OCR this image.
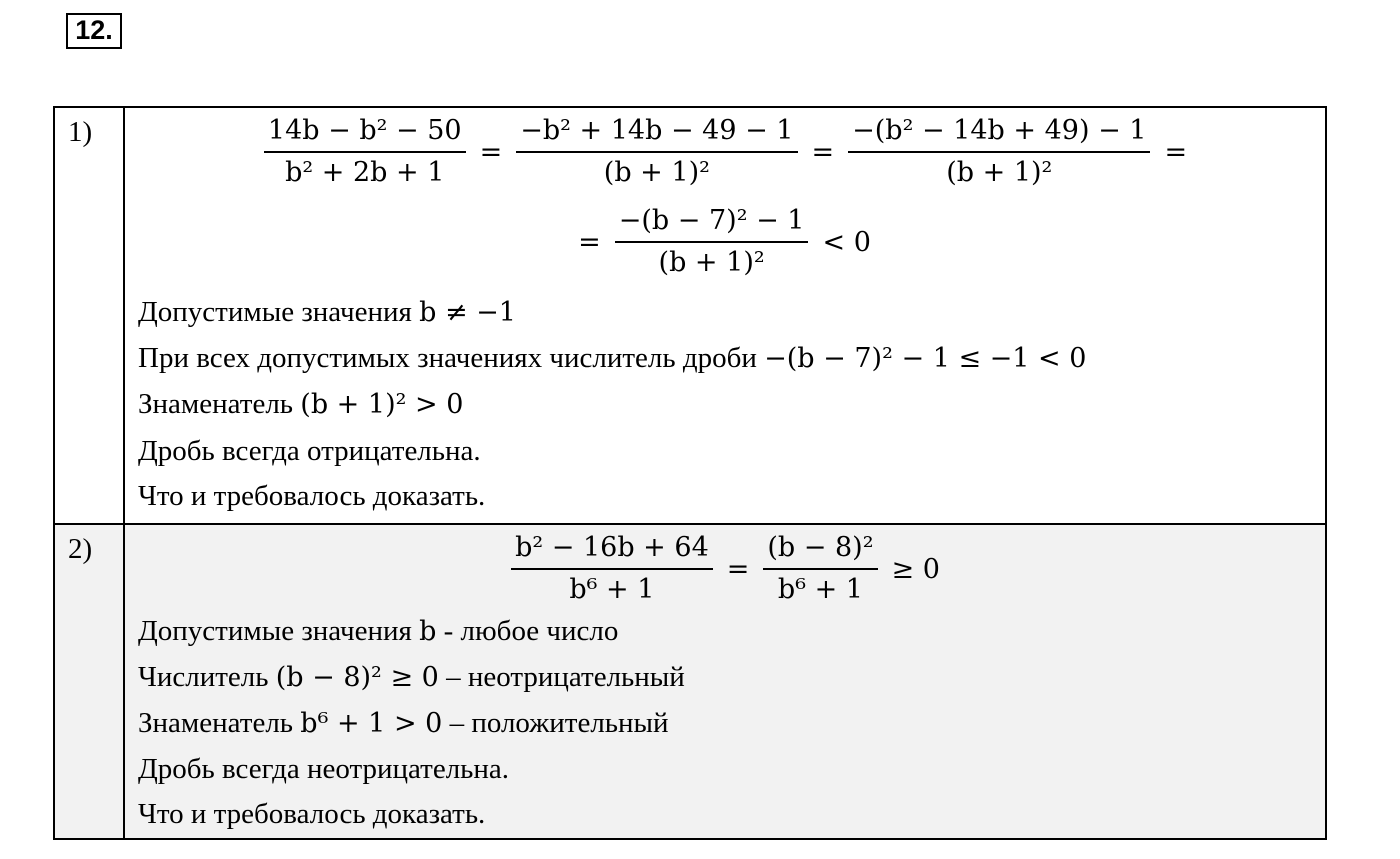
12.
1)	$\frac{\text{14b − b² − 50}}{\text{b² + 2b + 1}} = \frac{\text{−b² + 14b − 49 − 1}}{\text{(b + 1)²}} = \frac{\text{−(b² − 14b + 49) − 1}}{\text{(b + 1)²}}$ =
= $\frac{\text{−(b − 7)² − 1}}{\text{(b + 1)²}} < 0$
Допустимые значения b ≠ −1
При всех допустимых значениях числитель дроби −(b − 7)² − 1 ≤ −1 < 0
Знаменатель (b + 1)² > 0
Дробь всегда отрицательна.
Что и требовалось доказать.
2)	$\frac{\text{b² − 16b + 64}}{\text{b⁶ + 1}} = \frac{\text{(b − 8)²}}{\text{b⁶ + 1}} \ge 0$
Допустимые значения b - любое число
Числитель (b − 8)² ≥ 0 – неотрицательный
Знаменатель b⁶ + 1 > 0 – положительный
Дробь всегда неотрицательна.
Что и требовалось доказать.
